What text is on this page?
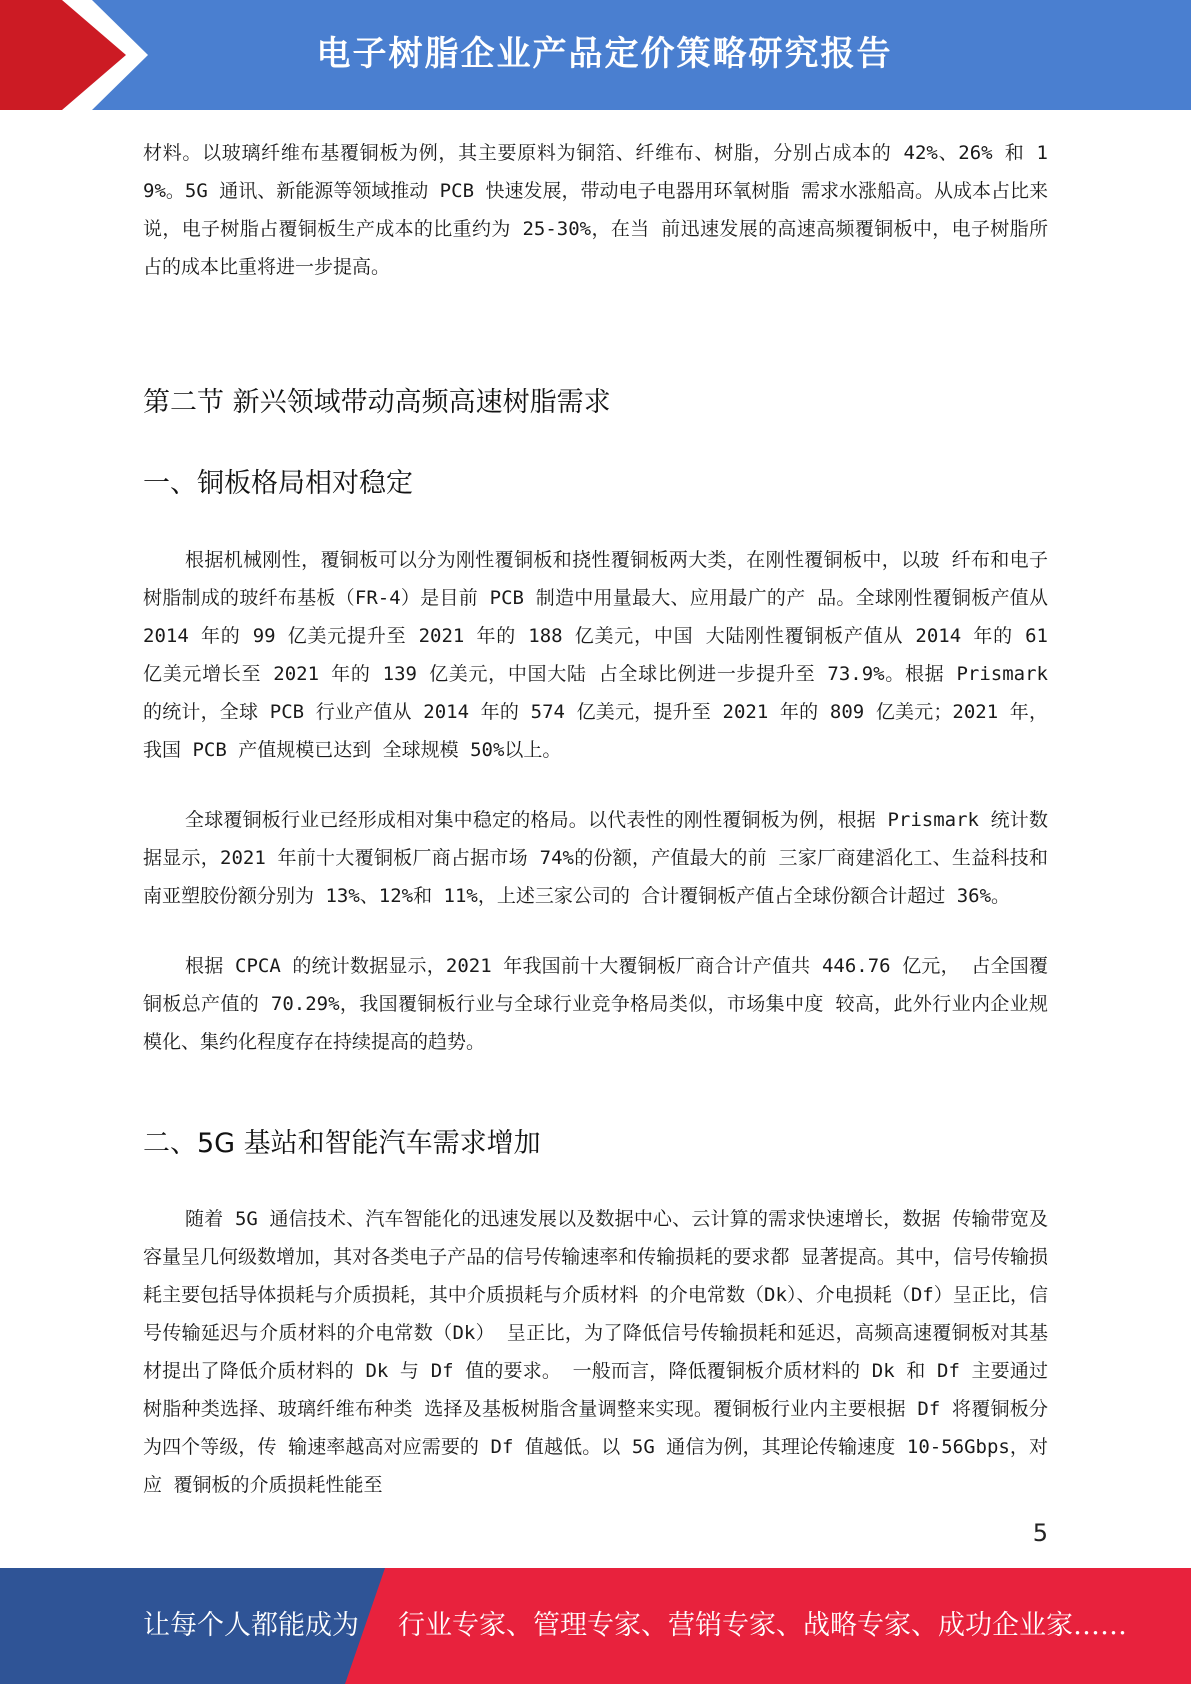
电子树脂企业产品定价策略研究报告

材料。以玻璃纤维布基覆铜板为例，其主要原料为铜箔、纤维布、树脂，分别占成本的 42%、26% 和 19%。5G 通讯、新能源等领域推动 PCB 快速发展，带动电子电器用环氧树脂 需求水涨船高。从成本占比来说，电子树脂占覆铜板生产成本的比重约为 25-30%，在当 前迅速发展的高速高频覆铜板中，电子树脂所占的成本比重将进一步提高。

第二节 新兴领域带动高频高速树脂需求
一、铜板格局相对稳定

根据机械刚性，覆铜板可以分为刚性覆铜板和挠性覆铜板两大类，在刚性覆铜板中，以玻 纤布和电子树脂制成的玻纤布基板（FR-4）是目前 PCB 制造中用量最大、应用最广的产 品。全球刚性覆铜板产值从 2014 年的 99 亿美元提升至 2021 年的 188 亿美元，中国 大陆刚性覆铜板产值从 2014 年的 61 亿美元增长至 2021 年的 139 亿美元，中国大陆 占全球比例进一步提升至 73.9%。根据 Prismark 的统计，全球 PCB 行业产值从 2014 年的 574 亿美元，提升至 2021 年的 809 亿美元；2021 年，我国 PCB 产值规模已达到 全球规模 50%以上。

全球覆铜板行业已经形成相对集中稳定的格局。以代表性的刚性覆铜板为例，根据 Prismark 统计数据显示，2021 年前十大覆铜板厂商占据市场 74%的份额，产值最大的前 三家厂商建滔化工、生益科技和南亚塑胶份额分别为 13%、12%和 11%，上述三家公司的 合计覆铜板产值占全球份额合计超过 36%。

根据 CPCA 的统计数据显示，2021 年我国前十大覆铜板厂商合计产值共 446.76 亿元， 占全国覆铜板总产值的 70.29%，我国覆铜板行业与全球行业竞争格局类似，市场集中度 较高，此外行业内企业规模化、集约化程度存在持续提高的趋势。

二、5G 基站和智能汽车需求增加

随着 5G 通信技术、汽车智能化的迅速发展以及数据中心、云计算的需求快速增长，数据 传输带宽及容量呈几何级数增加，其对各类电子产品的信号传输速率和传输损耗的要求都 显著提高。其中，信号传输损耗主要包括导体损耗与介质损耗，其中介质损耗与介质材料 的介电常数（Dk）、介电损耗（Df）呈正比，信号传输延迟与介质材料的介电常数（Dk） 呈正比，为了降低信号传输损耗和延迟，高频高速覆铜板对其基材提出了降低介质材料的 Dk 与 Df 值的要求。 一般而言，降低覆铜板介质材料的 Dk 和 Df 主要通过树脂种类选择、玻璃纤维布种类 选择及基板树脂含量调整来实现。覆铜板行业内主要根据 Df 将覆铜板分为四个等级，传 输速率越高对应需要的 Df 值越低。以 5G 通信为例，其理论传输速度 10-56Gbps，对应 覆铜板的介质损耗性能至

5
让每个人都能成为 行业专家、管理专家、营销专家、战略专家、成功企业家……
